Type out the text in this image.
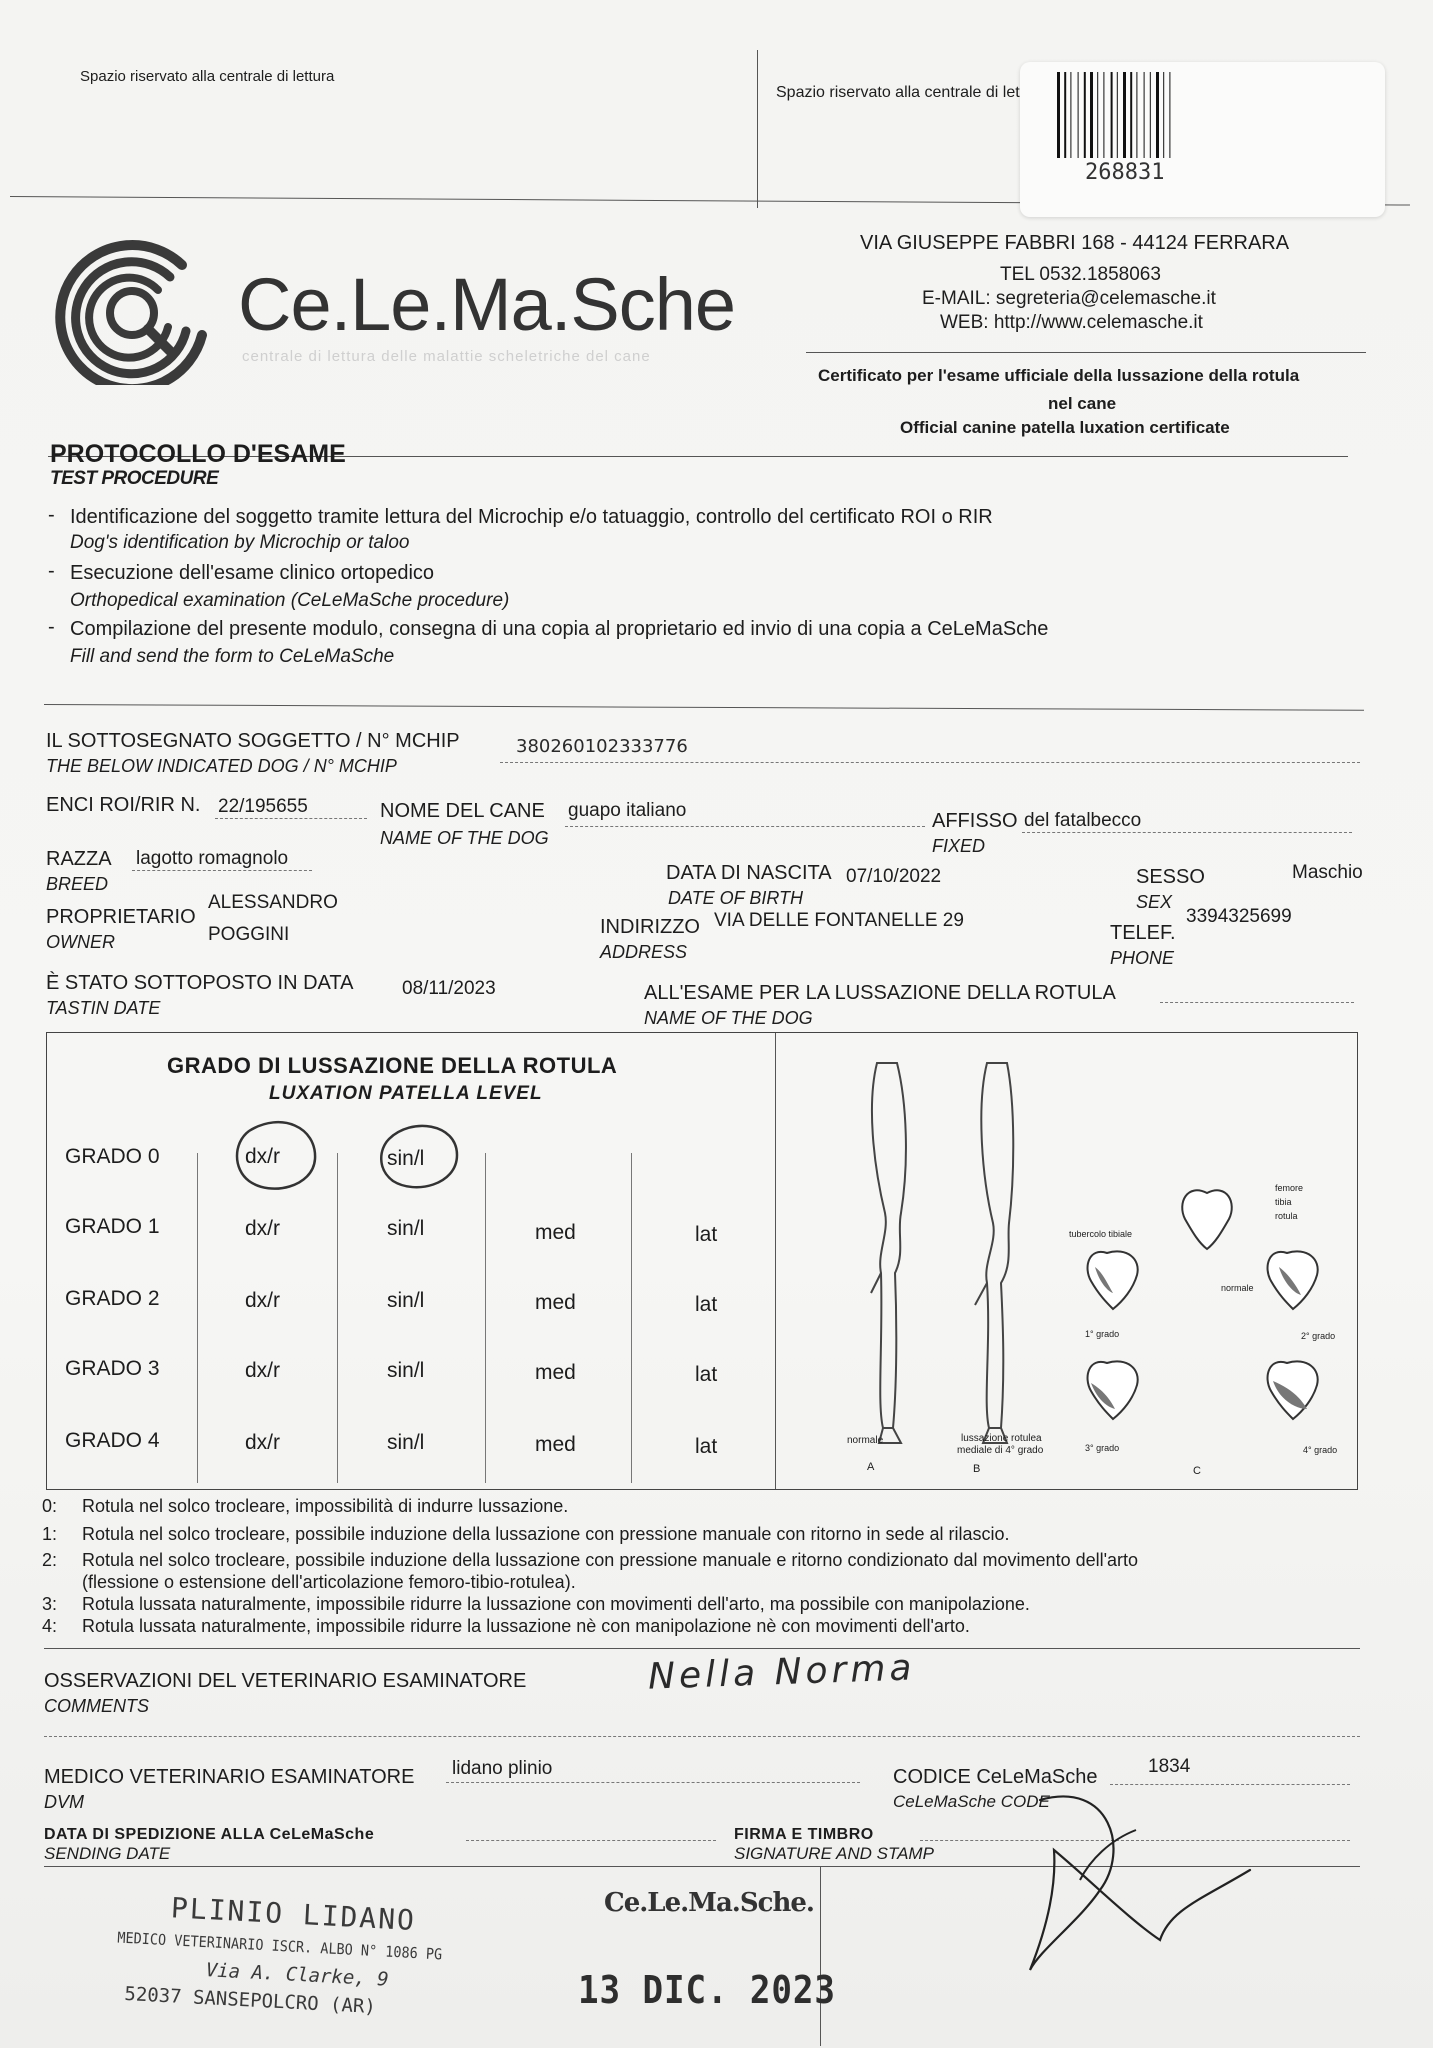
Spazio riservato alla centrale di lettura
Spazio riservato alla centrale di let
268831
Ce.Le.Ma.Sche
centrale di lettura delle malattie scheletriche del cane
VIA GIUSEPPE FABBRI 168 - 44124 FERRARA
TEL 0532.1858063
E-MAIL: segreteria@celemasche.it
WEB: http://www.celemasche.it
Certificato per l'esame ufficiale della lussazione della rotula
nel cane
Official canine patella luxation certificate
PROTOCOLLO D'ESAME
TEST PROCEDURE
- Identificazione del soggetto tramite lettura del Microchip e/o tatuaggio, controllo del certificato ROI o RIR
Dog's identification by Microchip or taloo
- Esecuzione dell'esame clinico ortopedico
Orthopedical examination (CeLeMaSche procedure)
- Compilazione del presente modulo, consegna di una copia al proprietario ed invio di una copia a CeLeMaSche
Fill and send the form to CeLeMaSche
IL SOTTOSEGNATO SOGGETTO / N° MCHIP
THE BELOW INDICATED DOG / N° MCHIP
380260102333776
ENCI ROI/RIR N. 22/195655	NOME DEL CANE
NAME OF THE DOG
guapo italiano	AFFISSO
FIXED
del fatalbecco
RAZZA
BREED
lagotto romagnolo
DATA DI NASCITA
DATE OF BIRTH
07/10/2022	SESSO
SEX
Maschio
PROPRIETARIO
OWNER
ALESSANDRO
POGGINI	INDIRIZZO
ADDRESS
VIA DELLE FONTANELLE 29
TELEF.
PHONE
3394325699
È STATO SOTTOPOSTO IN DATA
TASTIN DATE
08/11/2023	ALL'ESAME PER LA LUSSAZIONE DELLA ROTULA
NAME OF THE DOG
GRADO DI LUSSAZIONE DELLA ROTULA
LUXATION PATELLA LEVEL
GRADO 0	dx/r	sin/l
GRADO 1	dx/r	sin/l	med	lat
GRADO 2	dx/r	sin/l	med	lat
GRADO 3	dx/r	sin/l	med	lat
GRADO 4	dx/r	sin/l	med	lat	normale	lussazione rotulea
mediale di 4° grado
A	B	C
femore
tibia
rotula
tubercolo tibiale
normale
1° grado	2° grado
3° grado	4° grado
0: Rotula nel solco trocleare, impossibilità di indurre lussazione.
1: Rotula nel solco trocleare, possibile induzione della lussazione con pressione manuale con ritorno in sede al rilascio.
2: Rotula nel solco trocleare, possibile induzione della lussazione con pressione manuale e ritorno condizionato dal movimento dell'arto
(flessione o estensione dell'articolazione femoro-tibio-rotulea).
3: Rotula lussata naturalmente, impossibile ridurre la lussazione con movimenti dell'arto, ma possibile con manipolazione.
4: Rotula lussata naturalmente, impossibile ridurre la lussazione nè con manipolazione nè con movimenti dell'arto.
OSSERVAZIONI DEL VETERINARIO ESAMINATORE
COMMENTS
Nella Norma
MEDICO VETERINARIO ESAMINATORE
DVM
lidano plinio	CODICE CeLeMaSche
CeLeMaSche CODE
1834
DATA DI SPEDIZIONE ALLA CeLeMaSche
SENDING DATE
FIRMA E TIMBRO
SIGNATURE AND STAMP
PLINIO LIDANO
MEDICO VETERINARIO ISCR. ALBO N° 1086 PG
Via A. Clarke, 9
52037 SANSEPOLCRO (AR)
Ce.Le.Ma.Sche.
13 DIC. 2023
